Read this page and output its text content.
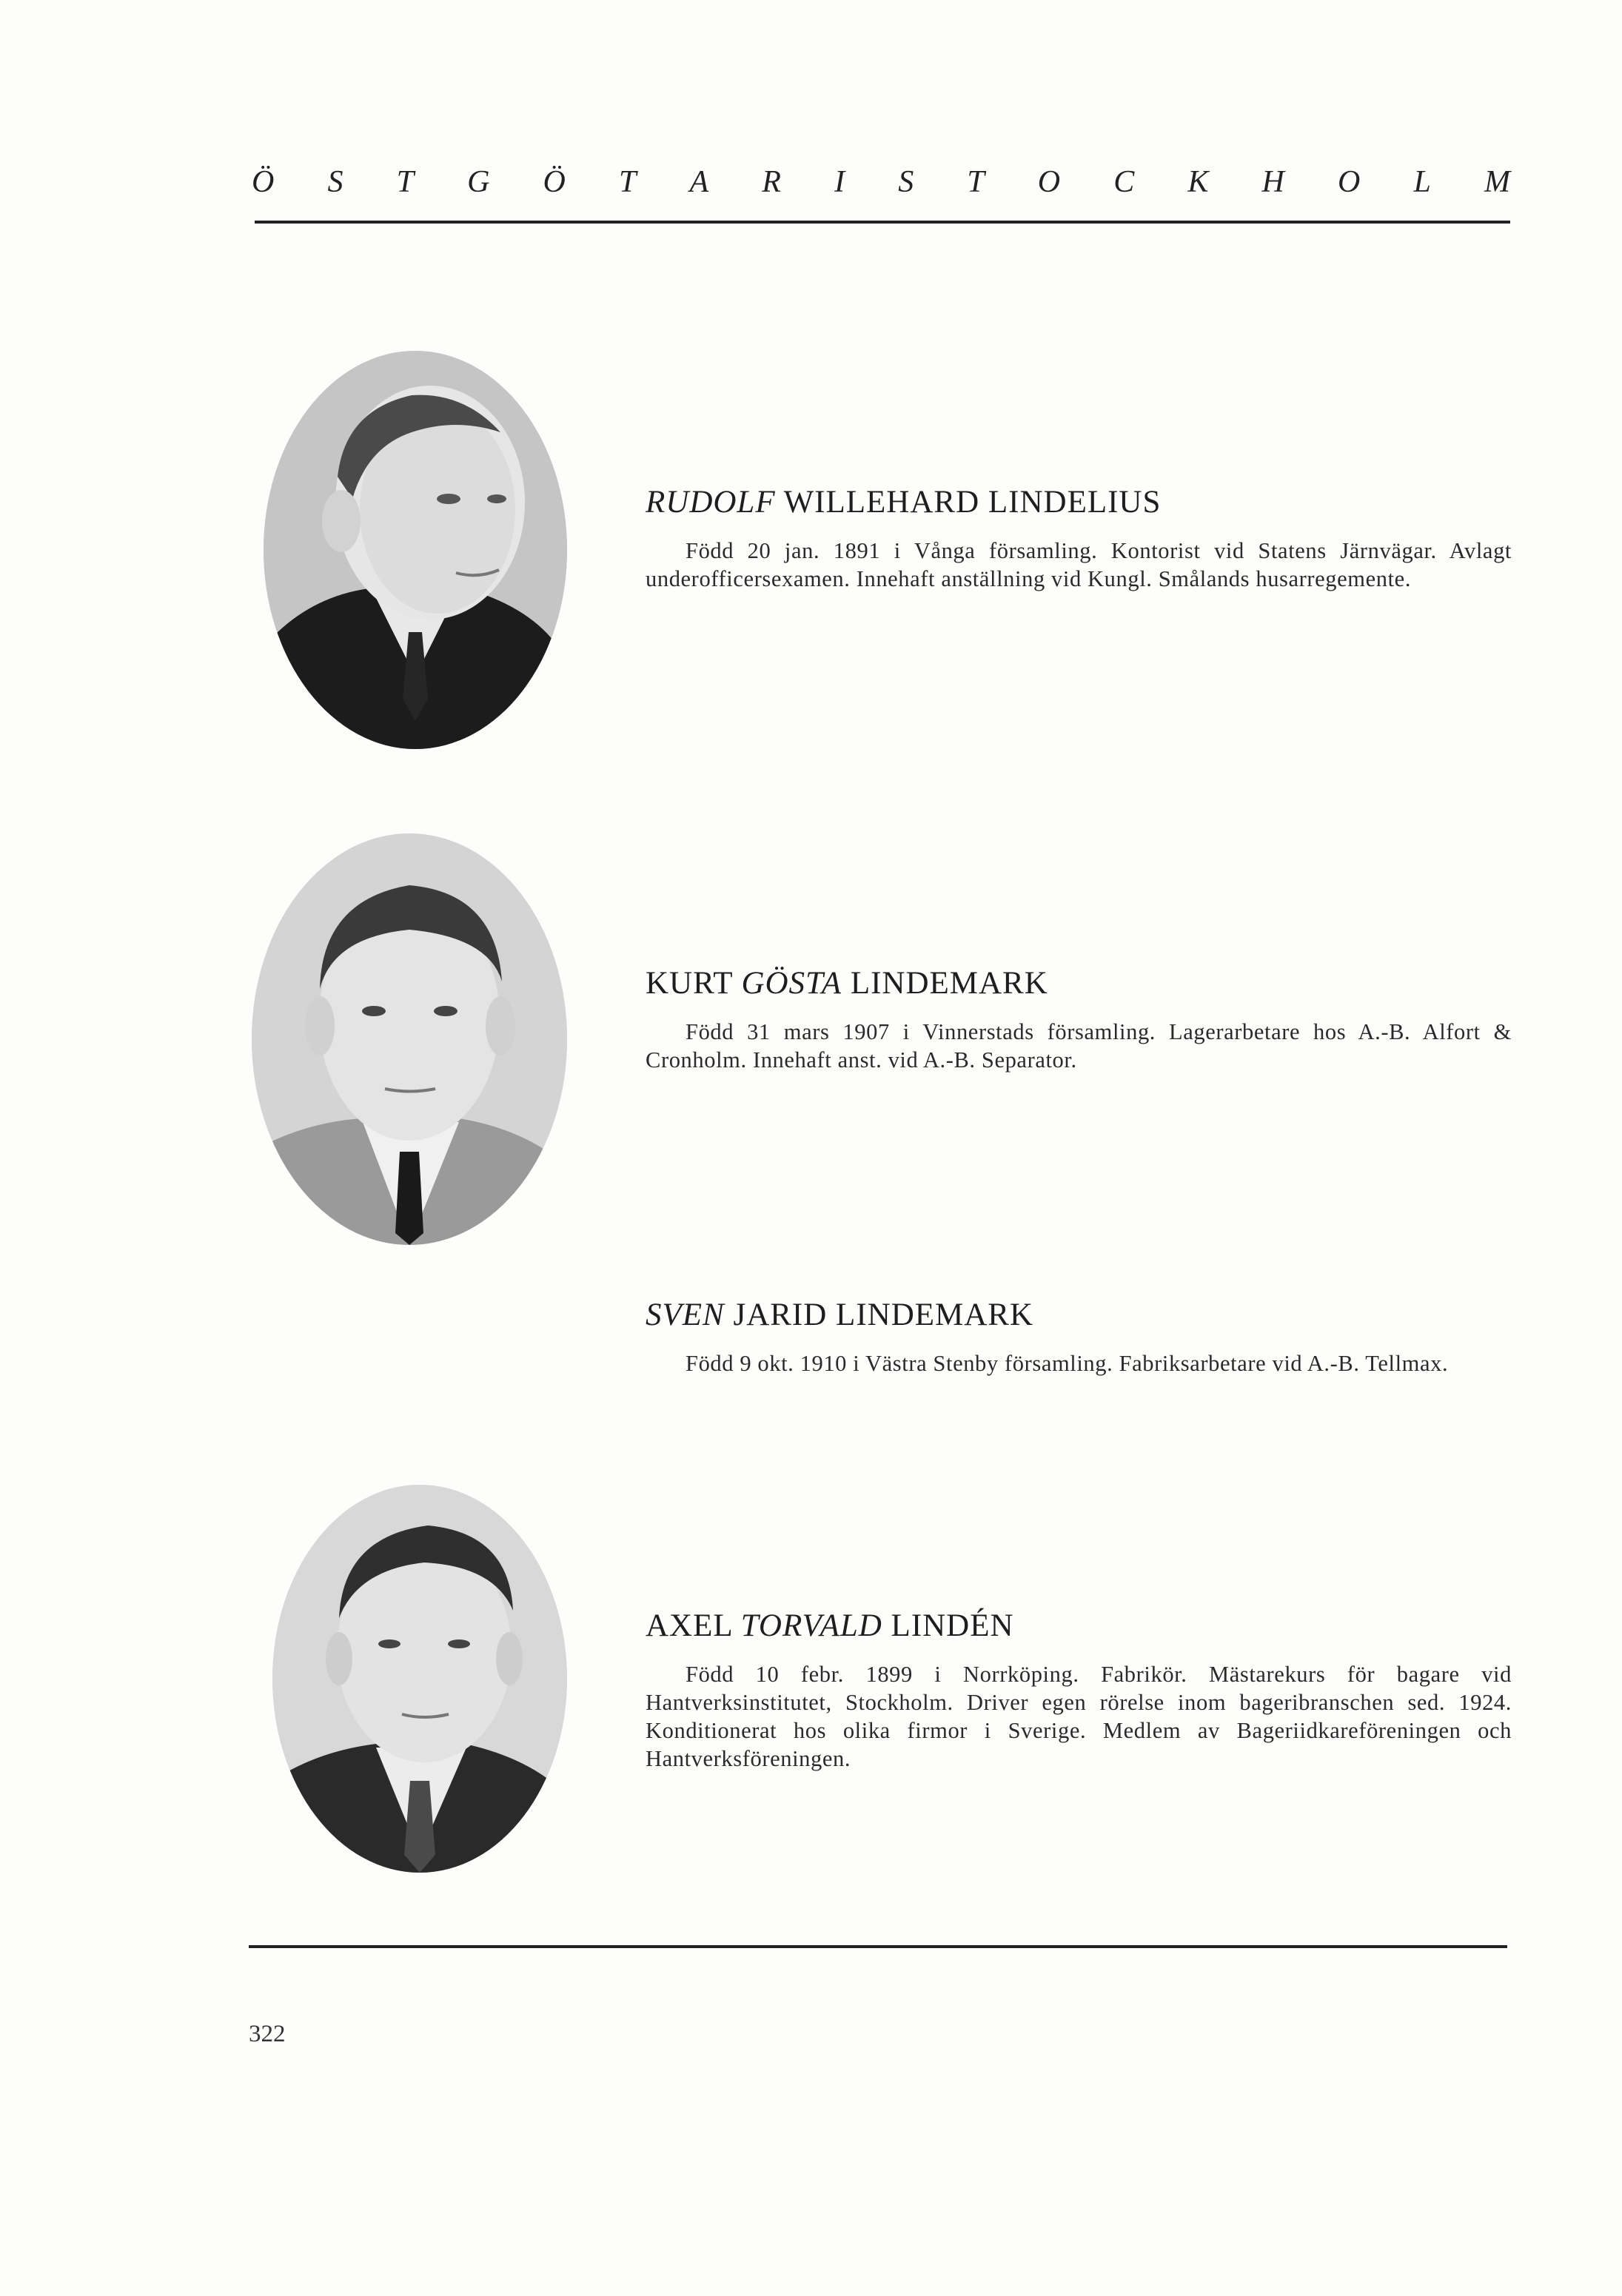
Ö S T G Ö T A R I S T O C K H O L M
RUDOLF WILLEHARD LINDELIUS

Född 20 jan. 1891 i Vånga församling. Kontorist vid Statens Järnvägar. Avlagt underofficersexamen. Innehaft anställning vid Kungl. Smålands husarregemente.

KURT GÖSTA LINDEMARK

Född 31 mars 1907 i Vinnerstads församling. Lagerarbetare hos A.-B. Alfort & Cronholm. Innehaft anst. vid A.-B. Separator.

SVEN JARID LINDEMARK

Född 9 okt. 1910 i Västra Stenby församling. Fabriksarbetare vid A.-B. Tellmax.

AXEL TORVALD LINDÉN

Född 10 febr. 1899 i Norrköping. Fabrikör. Mästarekurs för bagare vid Hantverksinstitutet, Stockholm. Driver egen rörelse inom bageribranschen sed. 1924. Konditionerat hos olika firmor i Sverige. Medlem av Bageriidkareföreningen och Hantverksföreningen.

322
